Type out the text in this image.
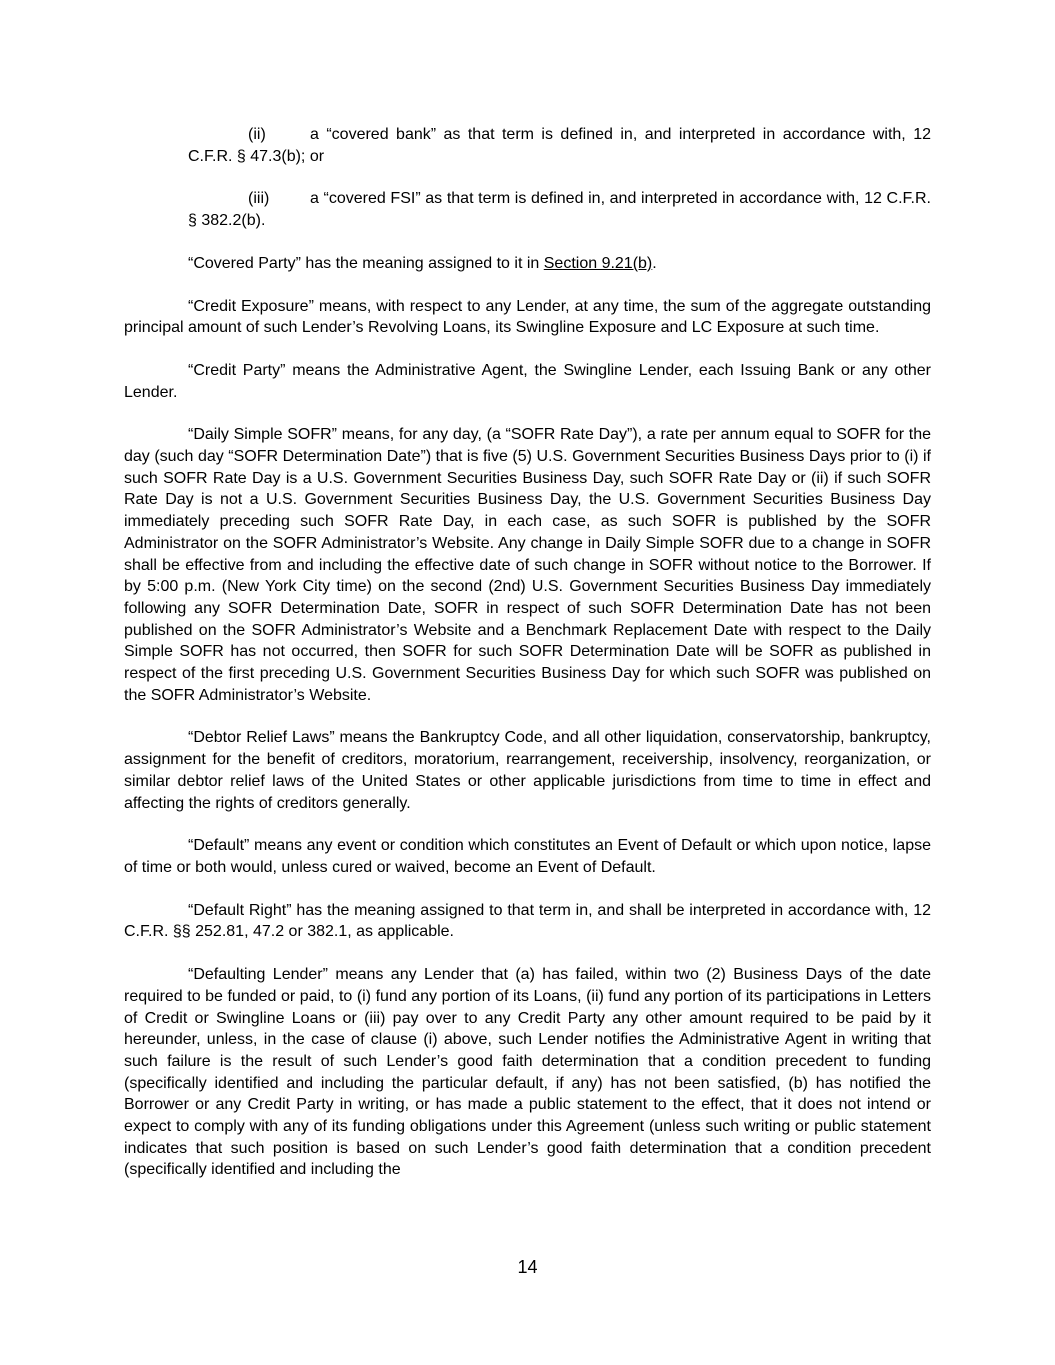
(ii)	a “covered bank” as that term is defined in, and interpreted in accordance with, 12 C.F.R. § 47.3(b); or

(iii)	a “covered FSI” as that term is defined in, and interpreted in accordance with, 12 C.F.R. § 382.2(b).

“Covered Party” has the meaning assigned to it in Section 9.21(b).

“Credit Exposure” means, with respect to any Lender, at any time, the sum of the aggregate outstanding principal amount of such Lender’s Revolving Loans, its Swingline Exposure and LC Exposure at such time.

“Credit Party” means the Administrative Agent, the Swingline Lender, each Issuing Bank or any other Lender.

“Daily Simple SOFR” means, for any day, (a “SOFR Rate Day”), a rate per annum equal to SOFR for the day (such day “SOFR Determination Date”) that is five (5) U.S. Government Securities Business Days prior to (i) if such SOFR Rate Day is a U.S. Government Securities Business Day, such SOFR Rate Day or (ii) if such SOFR Rate Day is not a U.S. Government Securities Business Day, the U.S. Government Securities Business Day immediately preceding such SOFR Rate Day, in each case, as such SOFR is published by the SOFR Administrator on the SOFR Administrator’s Website. Any change in Daily Simple SOFR due to a change in SOFR shall be effective from and including the effective date of such change in SOFR without notice to the Borrower. If by 5:00 p.m. (New York City time) on the second (2nd) U.S. Government Securities Business Day immediately following any SOFR Determination Date, SOFR in respect of such SOFR Determination Date has not been published on the SOFR Administrator’s Website and a Benchmark Replacement Date with respect to the Daily Simple SOFR has not occurred, then SOFR for such SOFR Determination Date will be SOFR as published in respect of the first preceding U.S. Government Securities Business Day for which such SOFR was published on the SOFR Administrator’s Website.

“Debtor Relief Laws” means the Bankruptcy Code, and all other liquidation, conservatorship, bankruptcy, assignment for the benefit of creditors, moratorium, rearrangement, receivership, insolvency, reorganization, or similar debtor relief laws of the United States or other applicable jurisdictions from time to time in effect and affecting the rights of creditors generally.

“Default” means any event or condition which constitutes an Event of Default or which upon notice, lapse of time or both would, unless cured or waived, become an Event of Default.

“Default Right” has the meaning assigned to that term in, and shall be interpreted in accordance with, 12 C.F.R. §§ 252.81, 47.2 or 382.1, as applicable.

“Defaulting Lender” means any Lender that (a) has failed, within two (2) Business Days of the date required to be funded or paid, to (i) fund any portion of its Loans, (ii) fund any portion of its participations in Letters of Credit or Swingline Loans or (iii) pay over to any Credit Party any other amount required to be paid by it hereunder, unless, in the case of clause (i) above, such Lender notifies the Administrative Agent in writing that such failure is the result of such Lender’s good faith determination that a condition precedent to funding (specifically identified and including the particular default, if any) has not been satisfied, (b) has notified the Borrower or any Credit Party in writing, or has made a public statement to the effect, that it does not intend or expect to comply with any of its funding obligations under this Agreement (unless such writing or public statement indicates that such position is based on such Lender’s good faith determination that a condition precedent (specifically identified and including the

14
